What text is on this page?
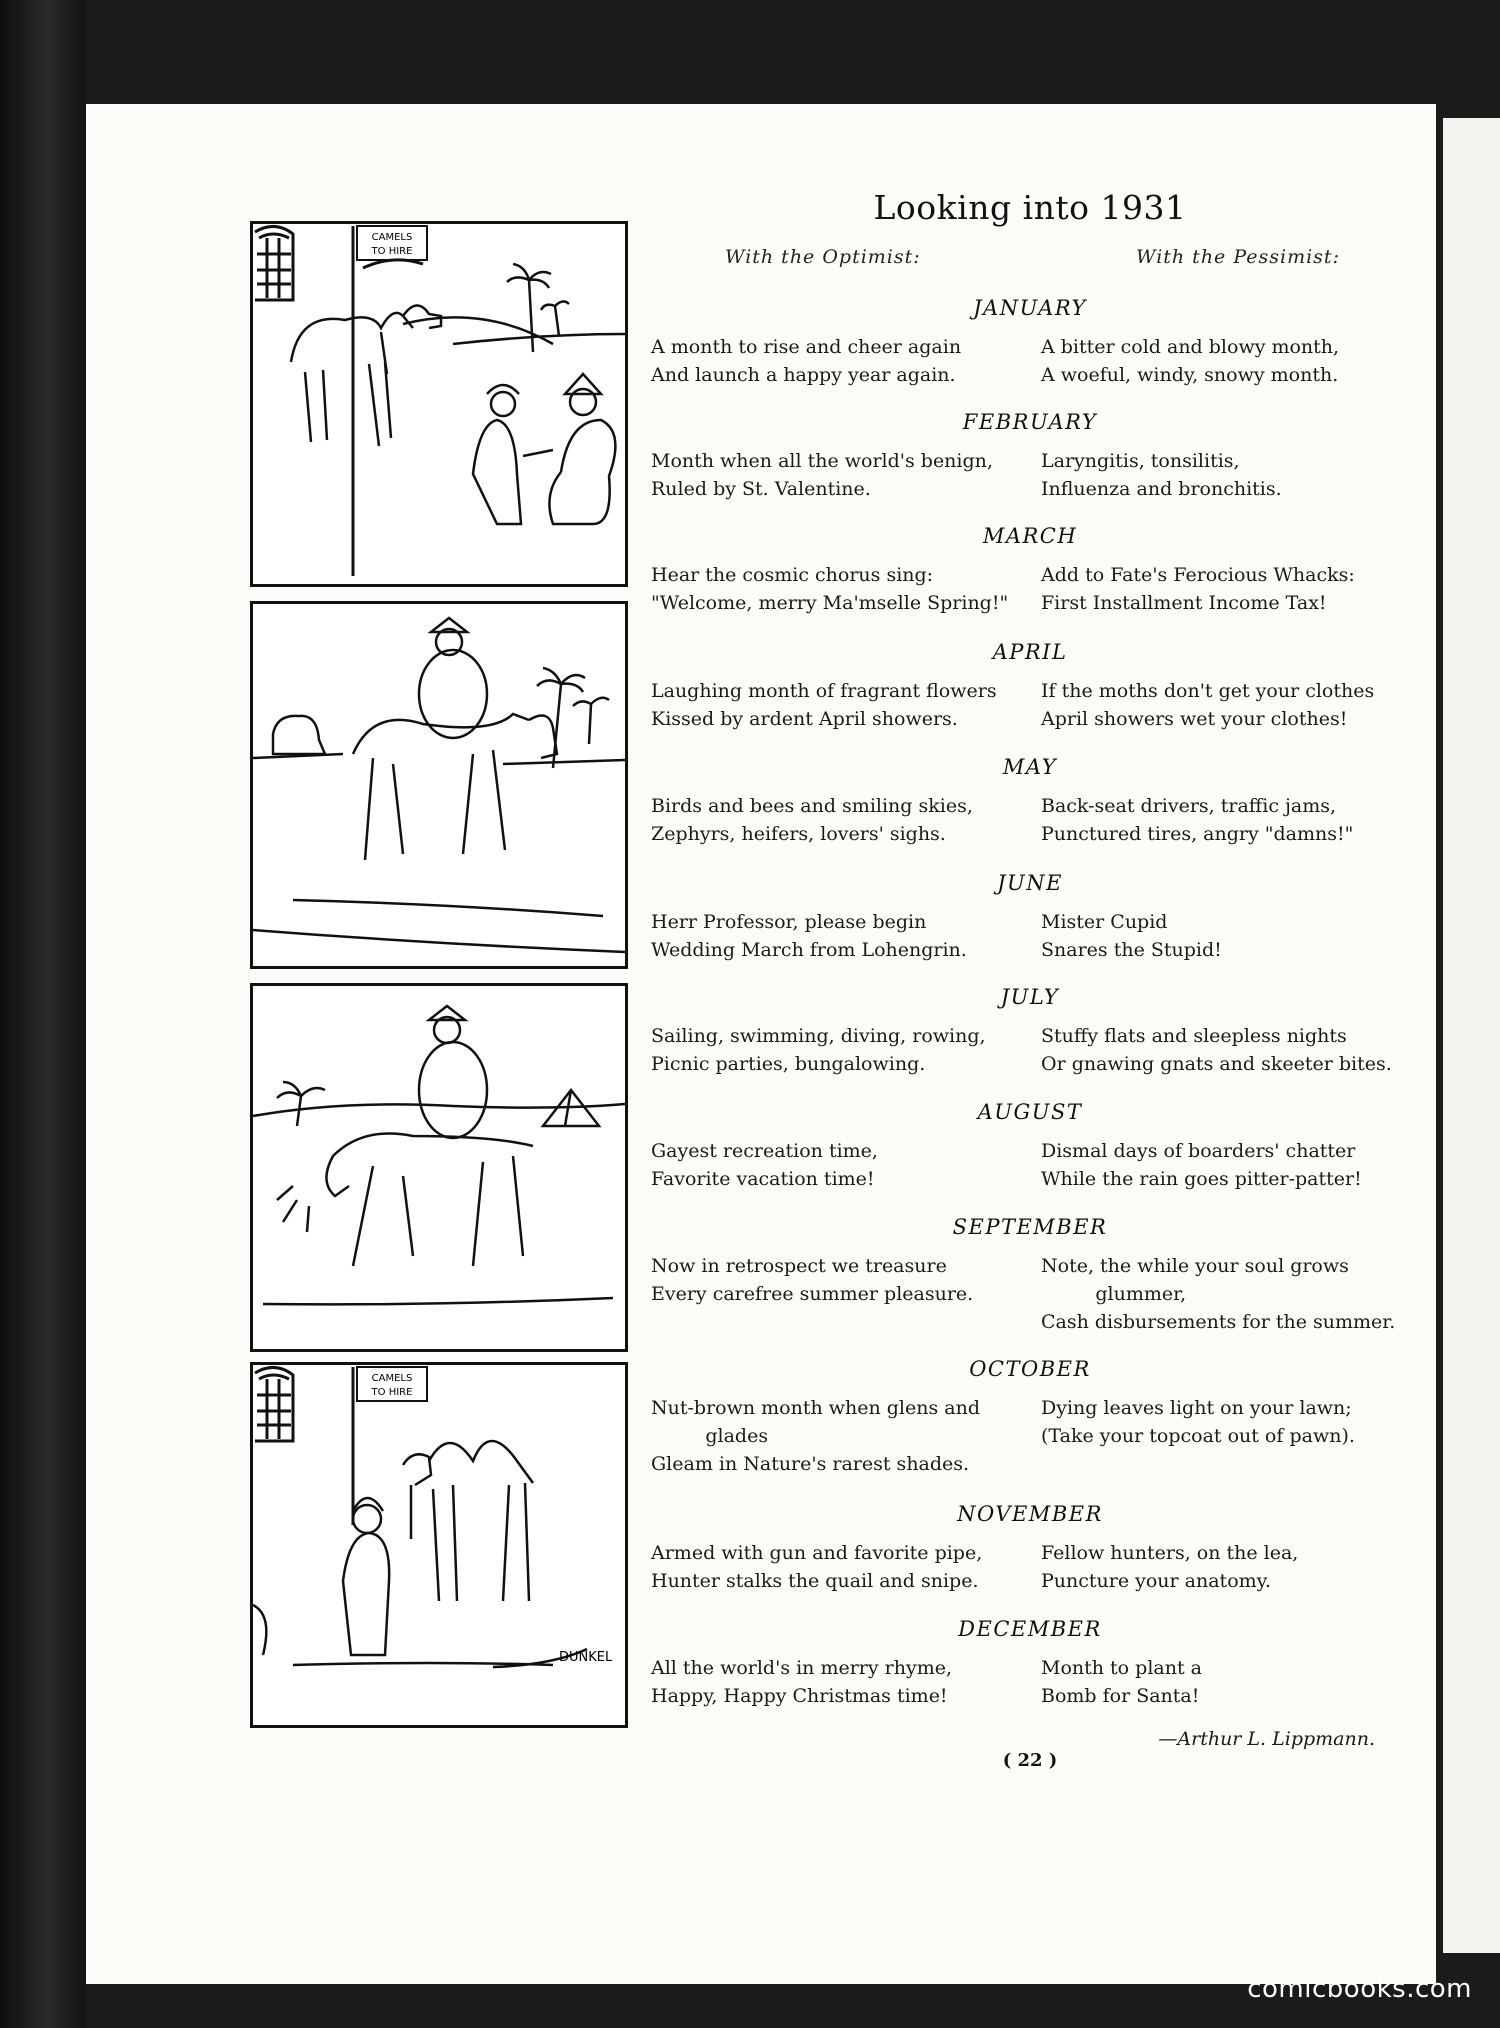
CAMELS
TO HIRE
CAMELS
TO HIRE
DUNKEL
Looking into 1931
With the Optimist:	With the Pessimist:
JANUARY
A month to rise and cheer again
And launch a happy year again.
A bitter cold and blowy month,
A woeful, windy, snowy month.
FEBRUARY
Month when all the world's benign,
Ruled by St. Valentine.
Laryngitis, tonsilitis,
Influenza and bronchitis.
MARCH
Hear the cosmic chorus sing:
"Welcome, merry Ma'mselle Spring!"
Add to Fate's Ferocious Whacks:
First Installment Income Tax!
APRIL
Laughing month of fragrant flowers
Kissed by ardent April showers.
If the moths don't get your clothes
April showers wet your clothes!
MAY
Birds and bees and smiling skies,
Zephyrs, heifers, lovers' sighs.
Back-seat drivers, traffic jams,
Punctured tires, angry "damns!"
JUNE
Herr Professor, please begin
Wedding March from Lohengrin.
Mister Cupid
Snares the Stupid!
JULY
Sailing, swimming, diving, rowing,
Picnic parties, bungalowing.
Stuffy flats and sleepless nights
Or gnawing gnats and skeeter bites.
AUGUST
Gayest recreation time,
Favorite vacation time!
Dismal days of boarders' chatter
While the rain goes pitter-patter!
SEPTEMBER
Now in retrospect we treasure
Every carefree summer pleasure.
Note, the while your soul grows
glummer,
Cash disbursements for the summer.
OCTOBER
Nut-brown month when glens and
glades
Gleam in Nature's rarest shades.
Dying leaves light on your lawn;
(Take your topcoat out of pawn).
NOVEMBER
Armed with gun and favorite pipe,
Hunter stalks the quail and snipe.
Fellow hunters, on the lea,
Puncture your anatomy.
DECEMBER
All the world's in merry rhyme,
Happy, Happy Christmas time!
Month to plant a
Bomb for Santa!
—Arthur L. Lippmann.
( 22 )
comicbooks.com
